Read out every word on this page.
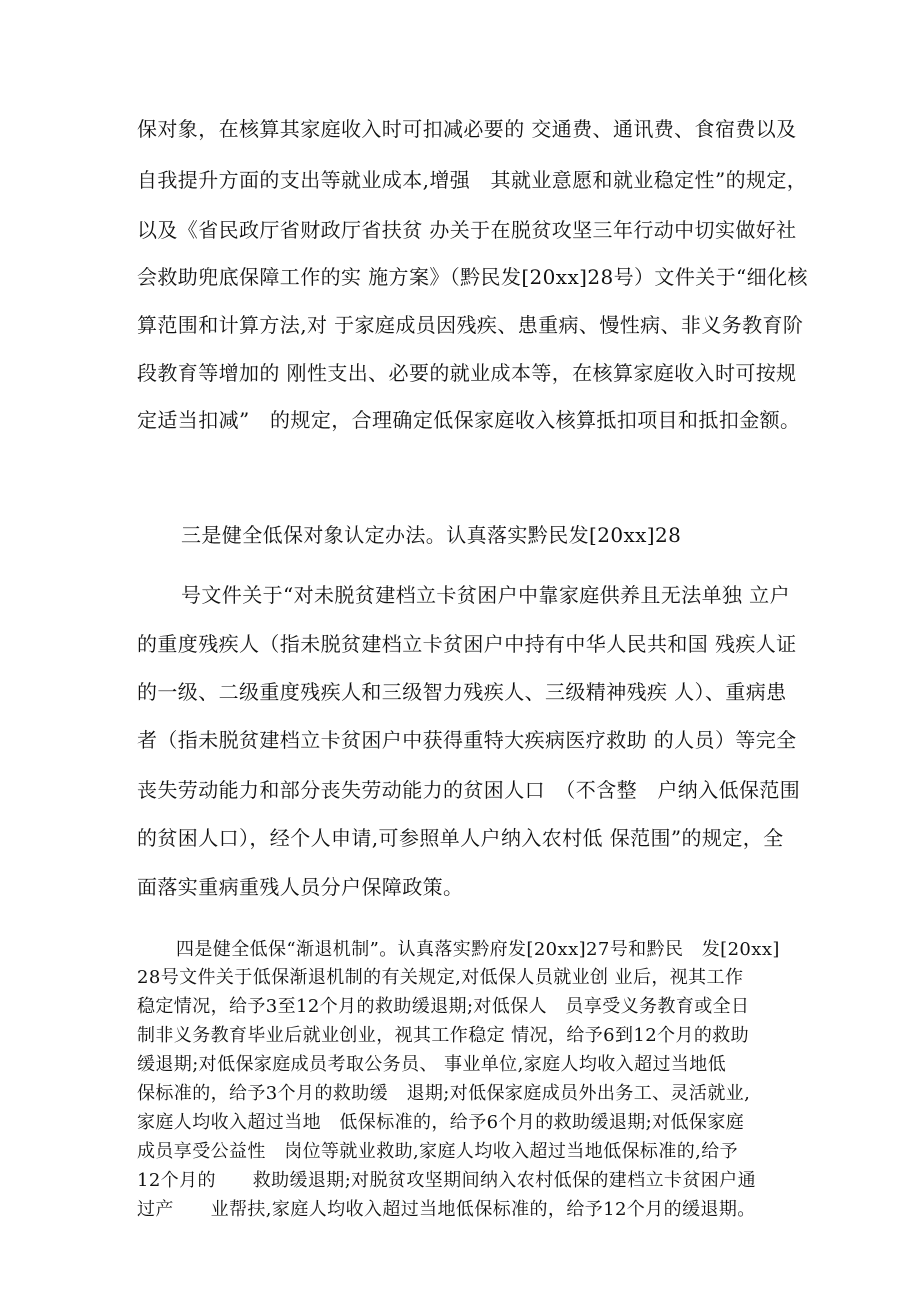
保对象，在核算其家庭收入时可扣减必要的 交通费、通讯费、食宿费以及

自我提升方面的支出等就业成本,增强　其就业意愿和就业稳定性”的规定，

以及《省民政厅省财政厅省扶贫 办关于在脱贫攻坚三年行动中切实做好社

会救助兜底保障工作的实 施方案》（黔民发[20xx]28号）文件关于“细化核

算范围和计算方法,对 于家庭成员因残疾、患重病、慢性病、非义务教育阶

段教育等增加的 刚性支出、必要的就业成本等，在核算家庭收入时可按规

定适当扣减”　的规定，合理确定低保家庭收入核算抵扣项目和抵扣金额。

三是健全低保对象认定办法。认真落实黔民发[20xx]28

号文件关于“对未脱贫建档立卡贫困户中靠家庭供养且无法单独 立户

的重度残疾人（指未脱贫建档立卡贫困户中持有中华人民共和国 残疾人证

的一级、二级重度残疾人和三级智力残疾人、三级精神残疾 人）、重病患

者（指未脱贫建档立卡贫困户中获得重特大疾病医疗救助 的人员）等完全

丧失劳动能力和部分丧失劳动能力的贫困人口　（不含整　户纳入低保范围

的贫困人口），经个人申请,可参照单人户纳入农村低 保范围”的规定，全

面落实重病重残人员分户保障政策。

四是健全低保“渐退机制”。认真落实黔府发[20xx]27号和黔民　发[20xx]

28号文件关于低保渐退机制的有关规定,对低保人员就业创 业后，视其工作

稳定情况，给予3至12个月的救助缓退期;对低保人　员享受义务教育或全日

制非义务教育毕业后就业创业，视其工作稳定 情况，给予6到12个月的救助

缓退期;对低保家庭成员考取公务员、 事业单位,家庭人均收入超过当地低

保标准的，给予3个月的救助缓　退期;对低保家庭成员外出务工、灵活就业,

家庭人均收入超过当地　低保标准的，给予6个月的救助缓退期;对低保家庭

成员享受公益性　岗位等就业救助,家庭人均收入超过当地低保标准的,给予

12个月的　　救助缓退期;对脱贫攻坚期间纳入农村低保的建档立卡贫困户通

过产　　业帮扶,家庭人均收入超过当地低保标准的，给予12个月的缓退期。
